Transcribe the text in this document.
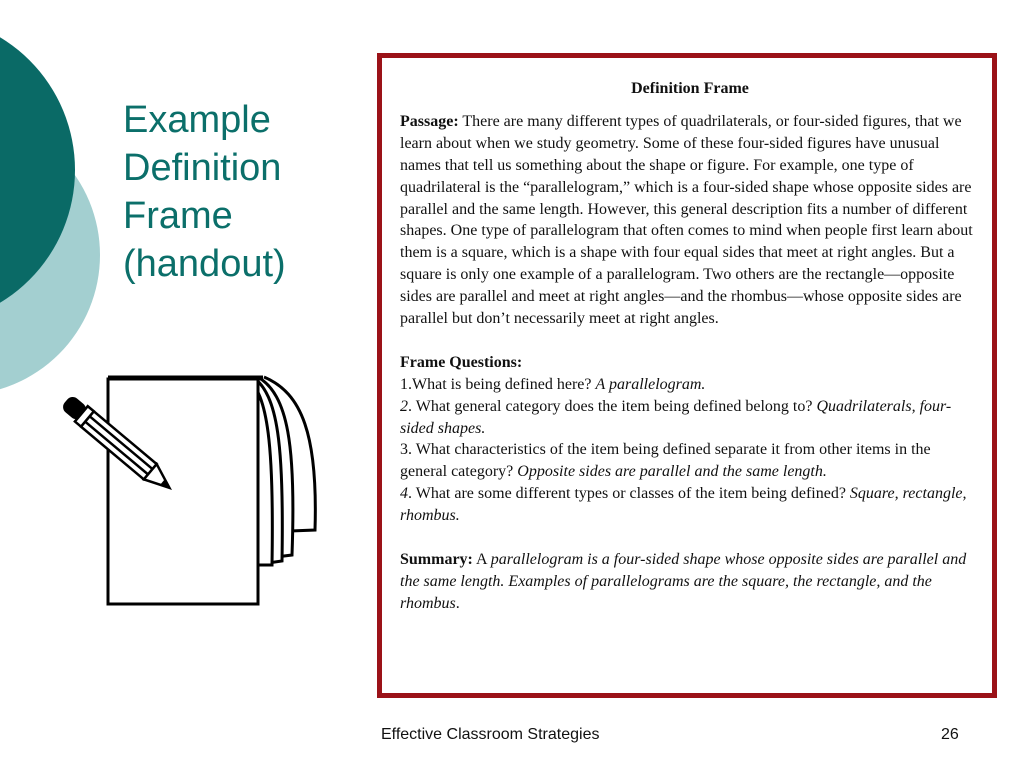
Example
Definition
Frame
(handout)
Definition Frame

Passage: There are many different types of quadrilaterals, or four-sided figures, that we learn about when we study geometry. Some of these four-sided figures have unusual names that tell us something about the shape or figure. For example, one type of quadrilateral is the “parallelogram,” which is a four-sided shape whose opposite sides are parallel and the same length. However, this general description fits a number of different shapes. One type of parallelogram that often comes to mind when people first learn about them is a square, which is a shape with four equal sides that meet at right angles. But a square is only one example of a parallelogram. Two others are the rectangle—opposite sides are parallel and meet at right angles—and the rhombus—whose opposite sides are parallel but don’t necessarily meet at right angles.

Frame Questions:
1.What is being defined here? A parallelogram.
2. What general category does the item being defined belong to? Quadrilaterals, four-sided shapes.
3. What characteristics of the item being defined separate it from other items in the general category? Opposite sides are parallel and the same length.
4. What are some different types or classes of the item being defined? Square, rectangle, rhombus.

Summary: A parallelogram is a four-sided shape whose opposite sides are parallel and the same length. Examples of parallelograms are the square, the rectangle, and the rhombus.

Effective Classroom Strategies	26
